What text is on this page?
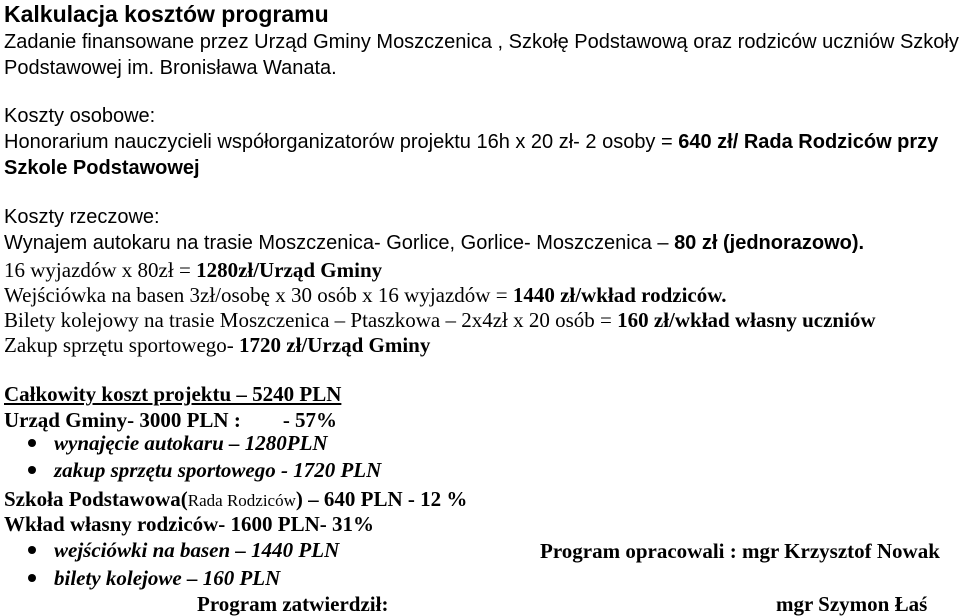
Kalkulacja kosztów programu
Zadanie finansowane przez Urząd Gminy Moszczenica , Szkołę Podstawową oraz rodziców uczniów Szkoły
Podstawowej im. Bronisława Wanata.
Koszty osobowe:
Honorarium nauczycieli współorganizatorów projektu 16h x 20 zł- 2 osoby = 640 zł/ Rada Rodziców przy
Szkole Podstawowej
Koszty rzeczowe:
Wynajem autokaru na trasie Moszczenica- Gorlice, Gorlice- Moszczenica – 80 zł (jednorazowo).
16 wyjazdów x 80zł = 1280zł/Urząd Gminy
Wejściówka na basen 3zł/osobę x 30 osób x 16 wyjazdów = 1440 zł/wkład rodziców.
Bilety kolejowy na trasie Moszczenica – Ptaszkowa – 2x4zł x 20 osób = 160 zł/wkład własny uczniów
Zakup sprzętu sportowego- 1720 zł/Urząd Gminy
Całkowity koszt projektu – 5240 PLN
Urząd Gminy- 3000 PLN :        - 57%
wynajęcie autokaru – 1280PLN
zakup sprzętu sportowego - 1720 PLN
Szkoła Podstawowa(Rada Rodziców) – 640 PLN - 12 %
Wkład własny rodziców- 1600 PLN- 31%
wejściówki na basen – 1440 PLN
bilety kolejowe – 160 PLN
Program opracowali : mgr Krzysztof Nowak
Program zatwierdził:	mgr Szymon Łaś
